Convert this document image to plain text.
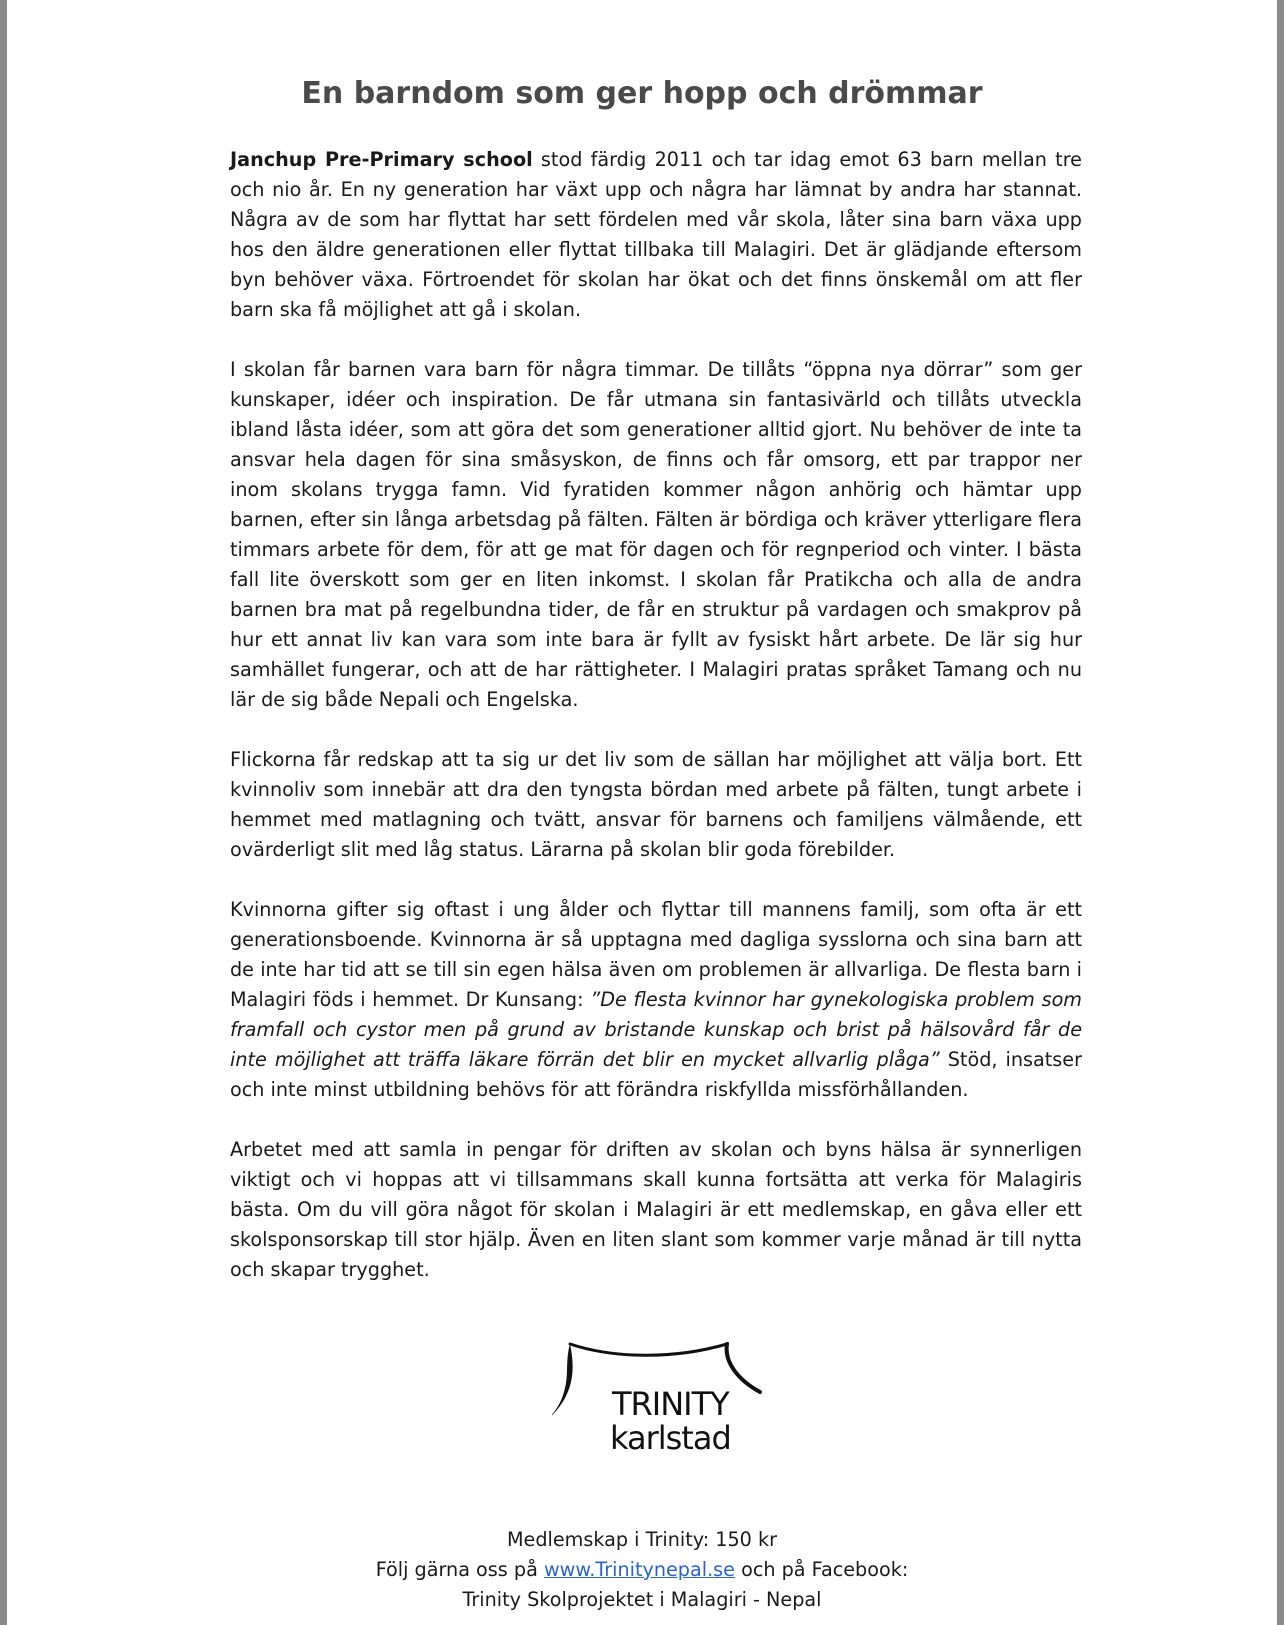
En barndom som ger hopp och drömmar

Janchup Pre-Primary school stod färdig 2011 och tar idag emot 63 barn mellan tre och nio år. En ny generation har växt upp och några har lämnat by andra har stannat. Några av de som har flyttat har sett fördelen med vår skola, låter sina barn växa upp hos den äldre generationen eller flyttat tillbaka till Malagiri. Det är glädjande eftersom byn behöver växa. Förtroendet för skolan har ökat och det finns önskemål om att fler barn ska få möjlighet att gå i skolan.

I skolan får barnen vara barn för några timmar. De tillåts “öppna nya dörrar” som ger kunskaper, idéer och inspiration. De får utmana sin fantasivärld och tillåts utveckla ibland låsta idéer, som att göra det som generationer alltid gjort. Nu behöver de inte ta ansvar hela dagen för sina småsyskon, de finns och får omsorg, ett par trappor ner inom skolans trygga famn. Vid fyratiden kommer någon anhörig och hämtar upp barnen, efter sin långa arbetsdag på fälten. Fälten är bördiga och kräver ytterligare flera timmars arbete för dem, för att ge mat för dagen och för regnperiod och vinter. I bästa fall lite överskott som ger en liten inkomst. I skolan får Pratikcha och alla de andra barnen bra mat på regelbundna tider, de får en struktur på vardagen och smakprov på hur ett annat liv kan vara som inte bara är fyllt av fysiskt hårt arbete. De lär sig hur samhället fungerar, och att de har rättigheter. I Malagiri pratas språket Tamang och nu lär de sig både Nepali och Engelska.

Flickorna får redskap att ta sig ur det liv som de sällan har möjlighet att välja bort. Ett kvinnoliv som innebär att dra den tyngsta bördan med arbete på fälten, tungt arbete i hemmet med matlagning och tvätt, ansvar för barnens och familjens välmående, ett ovärderligt slit med låg status. Lärarna på skolan blir goda förebilder.

Kvinnorna gifter sig oftast i ung ålder och flyttar till mannens familj, som ofta är ett generationsboende. Kvinnorna är så upptagna med dagliga sysslorna och sina barn att de inte har tid att se till sin egen hälsa även om problemen är allvarliga. De flesta barn i Malagiri föds i hemmet. Dr Kunsang: ”De flesta kvinnor har gynekologiska problem som framfall och cystor men på grund av bristande kunskap och brist på hälsovård får de inte möjlighet att träffa läkare förrän det blir en mycket allvarlig plåga” Stöd, insatser och inte minst utbildning behövs för att förändra riskfyllda missförhållanden.

Arbetet med att samla in pengar för driften av skolan och byns hälsa är synnerligen viktigt och vi hoppas att vi tillsammans skall kunna fortsätta att verka för Malagiris bästa. Om du vill göra något för skolan i Malagiri är ett medlemskap, en gåva eller ett skolsponsorskap till stor hjälp. Även en liten slant som kommer varje månad är till nytta och skapar trygghet.

TRINITY
karlstad
Medlemskap i Trinity: 150 kr
Följ gärna oss på www.Trinitynepal.se och på Facebook:
Trinity Skolprojektet i Malagiri - Nepal
